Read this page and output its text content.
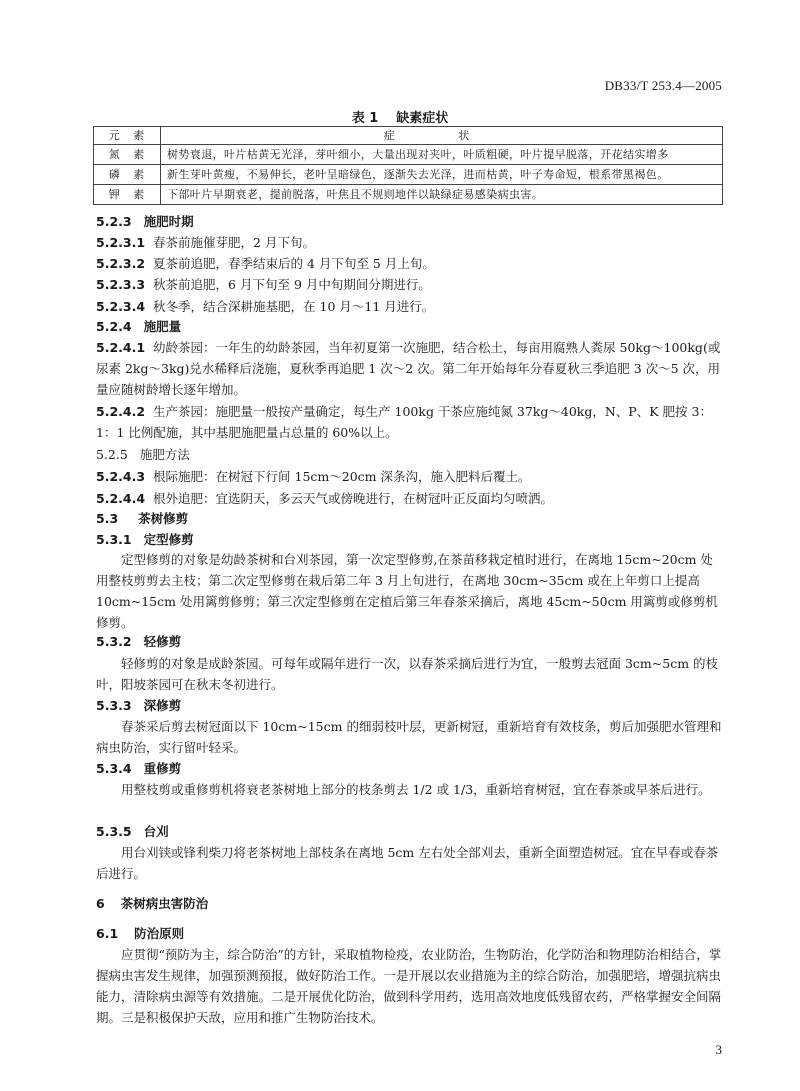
DB33/T 253.4—2005
表 1 缺素症状
元 素	症 状
氮 素	树势衰退，叶片枯黄无光泽，芽叶细小，大量出现对夹叶，叶质粗硬，叶片提早脱落，开花结实增多
磷 素	新生芽叶黄瘦，不易伸长，老叶呈暗绿色，逐渐失去光泽，进而枯黄，叶子寿命短，根系带黑褐色。
钾 素	下部叶片早期衰老，提前脱落，叶焦且不规则地伴以缺绿症易感染病虫害。
5.2.3 施肥时期
5.2.3.1 春茶前施催芽肥，2 月下旬。
5.2.3.2 夏茶前追肥，春季结束后的 4 月下旬至 5 月上旬。
5.2.3.3 秋茶前追肥，6 月下旬至 9 月中旬期间分期进行。
5.2.3.4 秋冬季，结合深耕施基肥，在 10 月～11 月进行。
5.2.4 施肥量
5.2.4.1 幼龄茶园：一年生的幼龄茶园，当年初夏第一次施肥，结合松土，每亩用腐熟人粪尿 50kg～100kg(或尿素 2kg～3kg)兑水稀释后浇施，夏秋季再追肥 1 次～2 次。第二年开始每年分春夏秋三季追肥 3 次～5 次，用量应随树龄增长逐年增加。
5.2.4.2 生产茶园：施肥量一般按产量确定，每生产 100kg 干茶应施纯氮 37kg～40kg，N、P、K 肥按 3：1：1 比例配施，其中基肥施肥量占总量的 60%以上。
5.2.5 施肥方法
5.2.4.3 根际施肥：在树冠下行间 15cm～20cm 深条沟，施入肥料后覆土。
5.2.4.4 根外追肥：宜选阴天，多云天气或傍晚进行，在树冠叶正反面均匀喷洒。
5.3 茶树修剪
5.3.1 定型修剪
定型修剪的对象是幼龄茶树和台刈茶园，第一次定型修剪,在茶苗移栽定植时进行，在离地 15cm~20cm 处用整枝剪剪去主枝；第二次定型修剪在栽后第二年 3 月上旬进行，在离地 30cm~35cm 或在上年剪口上提高 10cm~15cm 处用篱剪修剪；第三次定型修剪在定植后第三年春茶采摘后，离地 45cm~50cm 用篱剪或修剪机修剪。
5.3.2 轻修剪
轻修剪的对象是成龄茶园。可每年或隔年进行一次，以春茶采摘后进行为宜，一般剪去冠面 3cm~5cm 的枝叶，阳坡茶园可在秋末冬初进行。
5.3.3 深修剪
春茶采后剪去树冠面以下 10cm~15cm 的细弱枝叶层，更新树冠，重新培育有效枝条，剪后加强肥水管理和病虫防治，实行留叶轻采。
5.3.4 重修剪
用整枝剪或重修剪机将衰老茶树地上部分的枝条剪去 1/2 或 1/3，重新培育树冠，宜在春茶或早茶后进行。
5.3.5 台刈
用台刈铗或锋利柴刀将老茶树地上部枝条在离地 5cm 左右处全部刈去，重新全面塑造树冠。宜在早春或春茶后进行。
6 茶树病虫害防治
6.1 防治原则
应贯彻“预防为主，综合防治”的方针，采取植物检疫，农业防治，生物防治，化学防治和物理防治相结合，掌握病虫害发生规律，加强预测预报，做好防治工作。一是开展以农业措施为主的综合防治，加强肥培，增强抗病虫能力，清除病虫源等有效措施。二是开展优化防治，做到科学用药，选用高效地度低残留农药，严格掌握安全间隔期。三是积极保护天敌，应用和推广生物防治技术。
3
